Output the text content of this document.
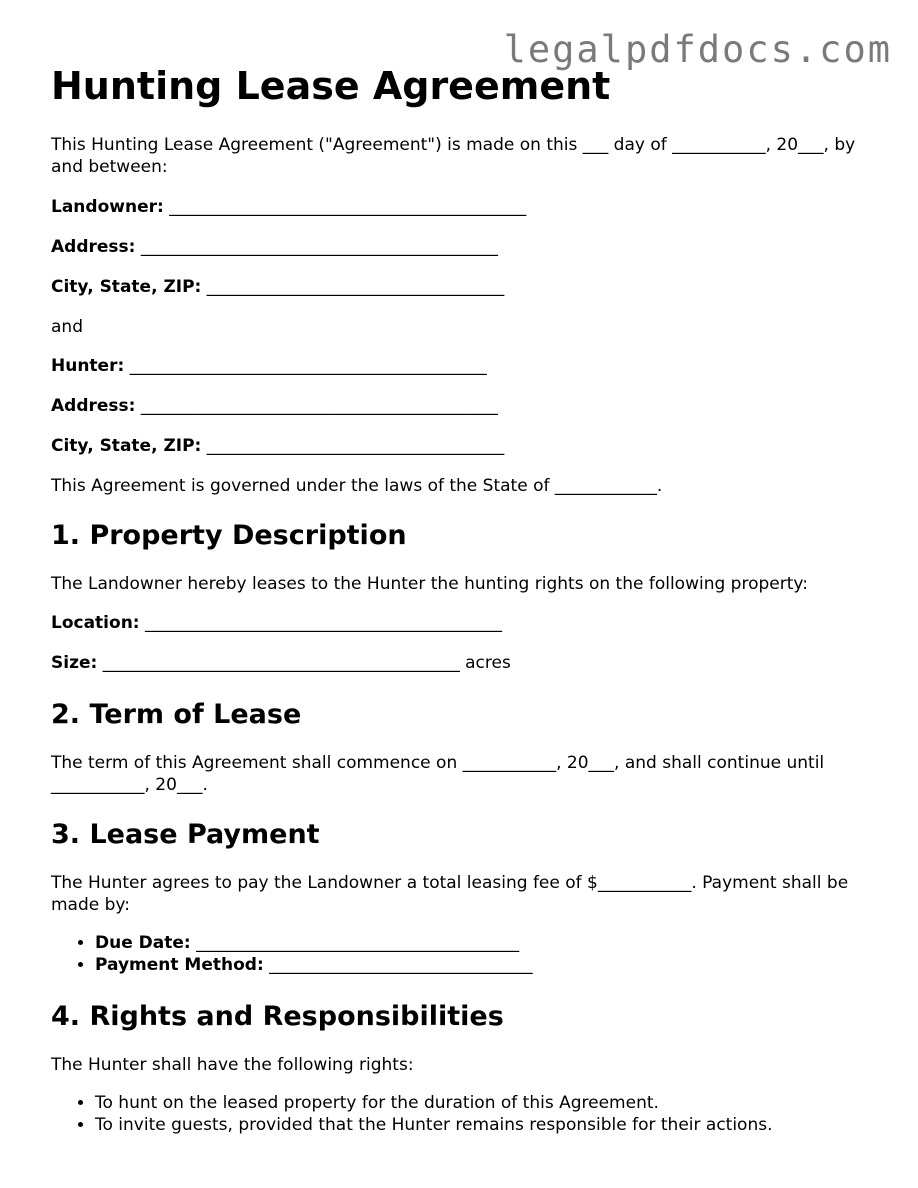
legalpdfdocs.com
Hunting Lease Agreement

This Hunting Lease Agreement ("Agreement") is made on this ___ day of ___________, 20___, by and between:

Landowner: __________________________________________
Address: __________________________________________
City, State, ZIP: ___________________________________

and

Hunter: __________________________________________
Address: __________________________________________
City, State, ZIP: ___________________________________

This Agreement is governed under the laws of the State of ____________.

1. Property Description

The Landowner hereby leases to the Hunter the hunting rights on the following property:

Location: __________________________________________
Size: __________________________________________ acres
2. Term of Lease

The term of this Agreement shall commence on ___________, 20___, and shall continue until ___________, 20___.

3. Lease Payment

The Hunter agrees to pay the Landowner a total leasing fee of $___________. Payment shall be made by:

• Due Date: ______________________________________
• Payment Method: _______________________________
4. Rights and Responsibilities

The Hunter shall have the following rights:

• To hunt on the leased property for the duration of this Agreement.
• To invite guests, provided that the Hunter remains responsible for their actions.
